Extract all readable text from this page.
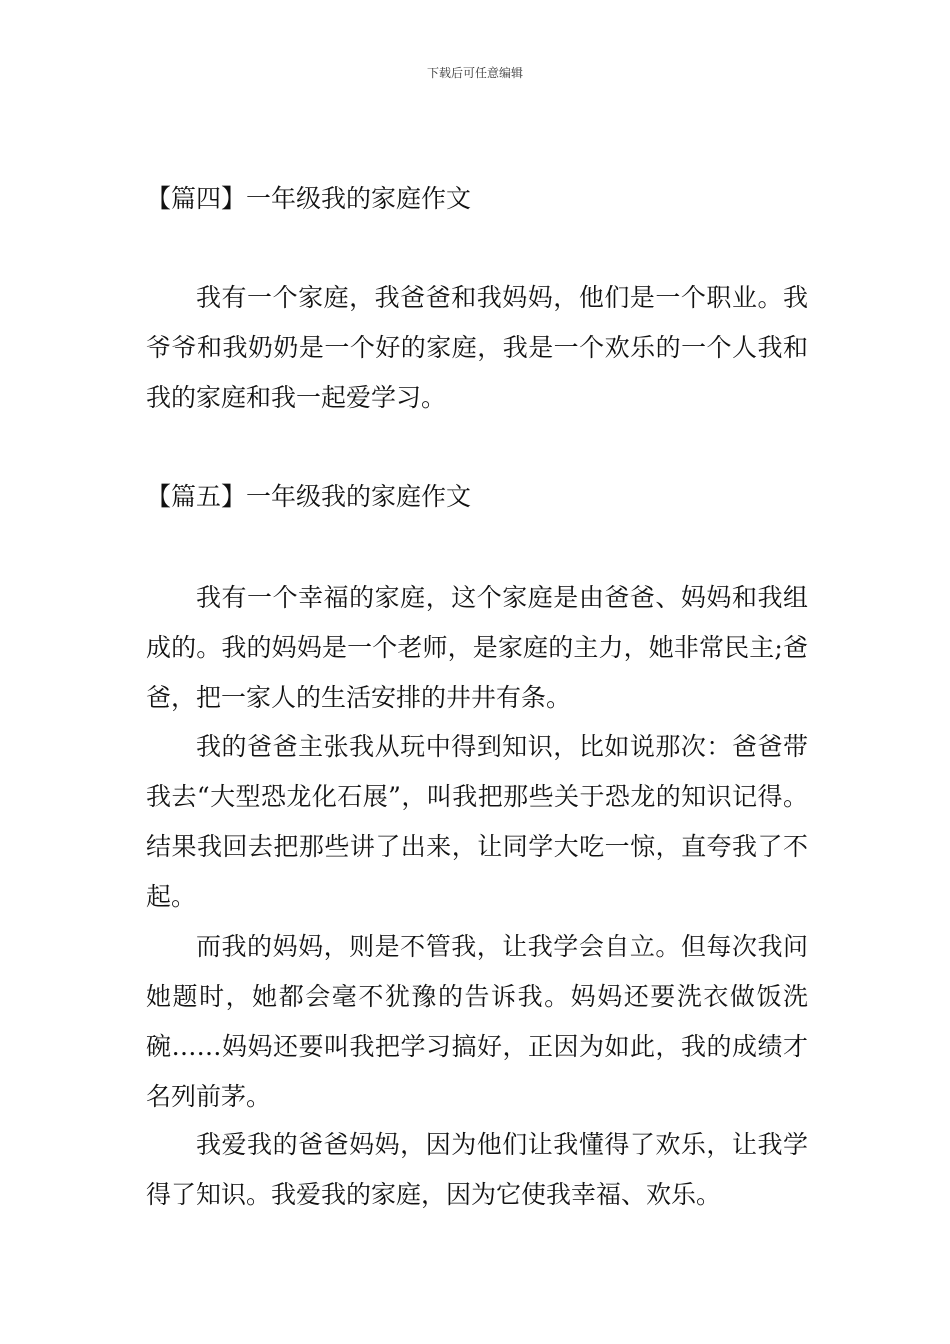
下载后可任意编辑
【篇四】一年级我的家庭作文

我有一个家庭，我爸爸和我妈妈，他们是一个职业。我爷爷和我奶奶是一个好的家庭，我是一个欢乐的一个人我和我的家庭和我一起爱学习。

【篇五】一年级我的家庭作文

我有一个幸福的家庭，这个家庭是由爸爸、妈妈和我组成的。我的妈妈是一个老师，是家庭的主力，她非常民主;爸爸，把一家人的生活安排的井井有条。

我的爸爸主张我从玩中得到知识，比如说那次：爸爸带我去“大型恐龙化石展”，叫我把那些关于恐龙的知识记得。结果我回去把那些讲了出来，让同学大吃一惊，直夸我了不起。

而我的妈妈，则是不管我，让我学会自立。但每次我问她题时，她都会毫不犹豫的告诉我。妈妈还要洗衣做饭洗碗……妈妈还要叫我把学习搞好，正因为如此，我的成绩才名列前茅。

我爱我的爸爸妈妈，因为他们让我懂得了欢乐，让我学得了知识。我爱我的家庭，因为它使我幸福、欢乐。
